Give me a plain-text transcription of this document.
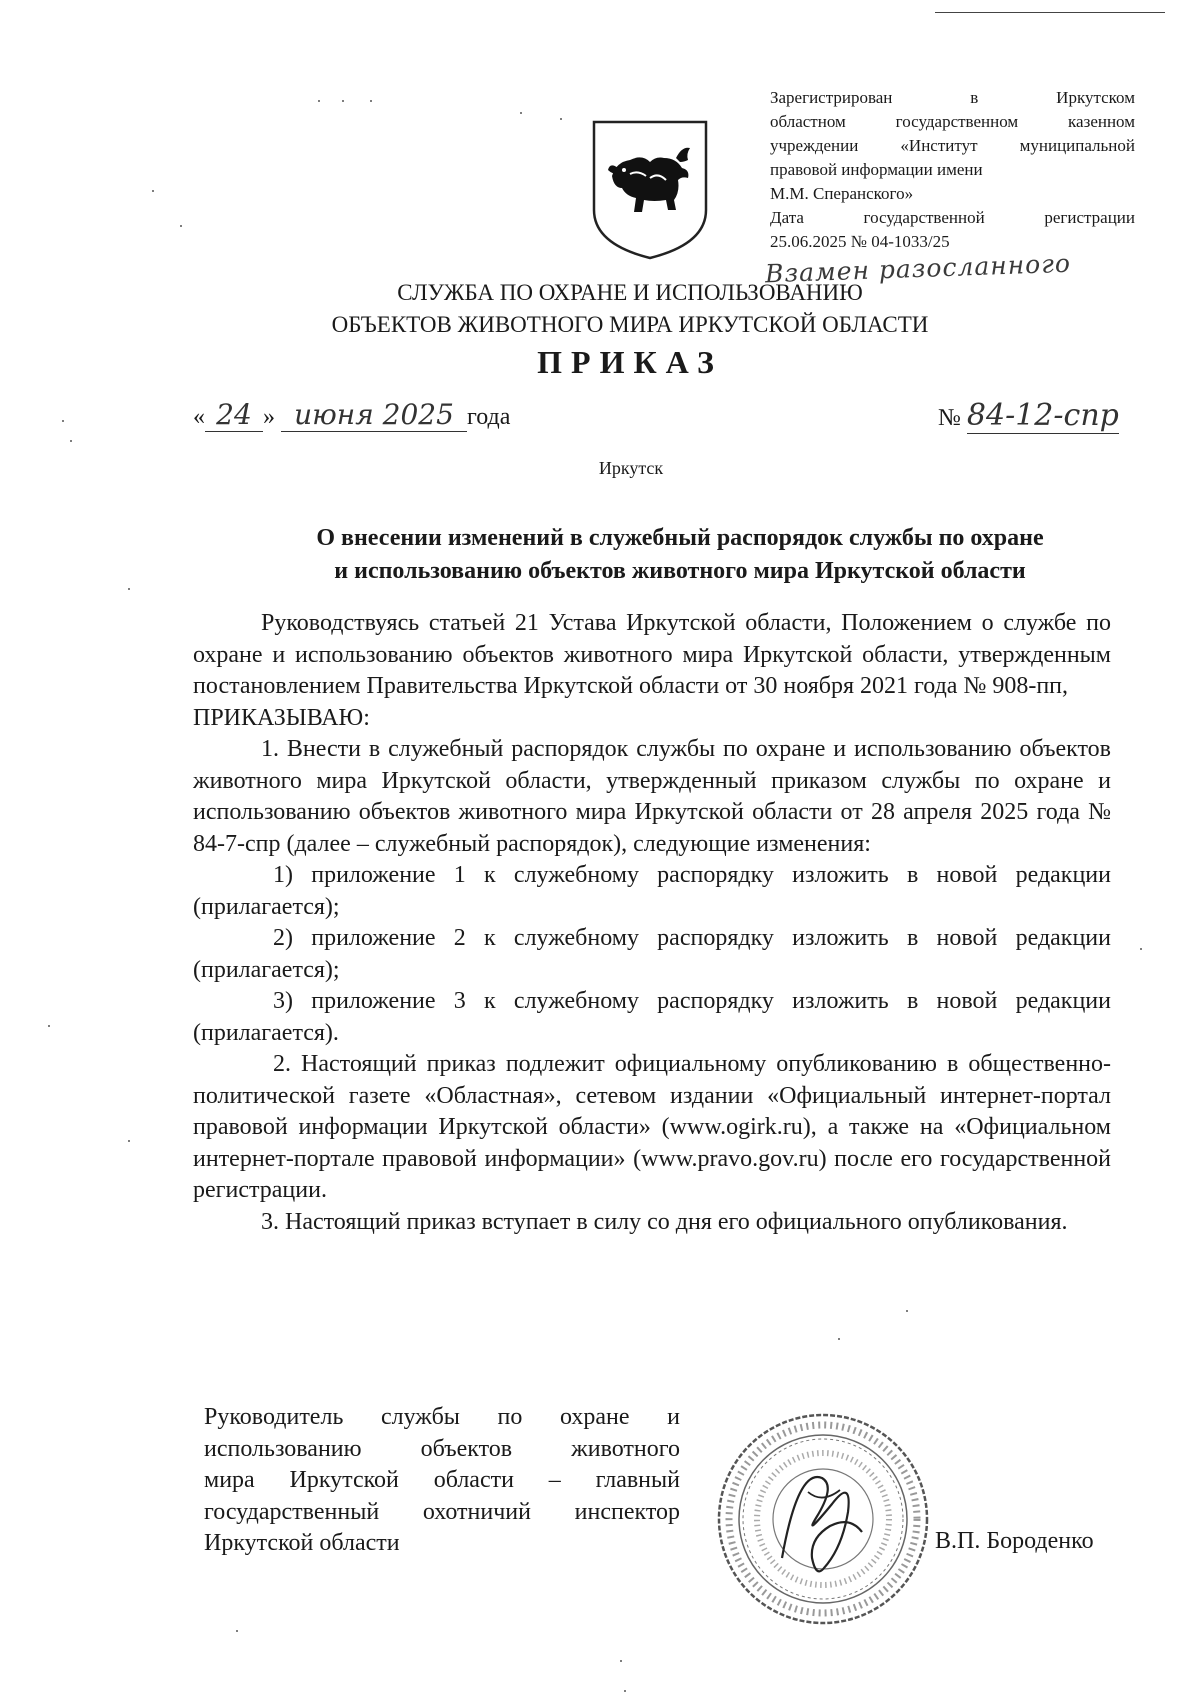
Зарегистрирован в Иркутском
областном государственном казенном
учреждении «Институт муниципальной
правовой информации имени
М.М. Сперанского»
Дата государственной регистрации
25.06.2025 № 04-1033/25
Взамен разосланного
СЛУЖБА ПО ОХРАНЕ И ИСПОЛЬЗОВАНИЮ
ОБЪЕКТОВ ЖИВОТНОГО МИРА ИРКУТСКОЙ ОБЛАСТИ
ПРИКАЗ
« 24 » июня 2025 года	№ 84-12-спр
Иркутск
О внесении изменений в служебный распорядок службы по охране
и использованию объектов животного мира Иркутской области

Руководствуясь статьей 21 Устава Иркутской области, Положением о службе по охране и использованию объектов животного мира Иркутской области, утвержденным постановлением Правительства Иркутской области от 30 ноября 2021 года № 908-пп,

ПРИКАЗЫВАЮ:

1. Внести в служебный распорядок службы по охране и использованию объектов животного мира Иркутской области, утвержденный приказом службы по охране и использованию объектов животного мира Иркутской области от 28 апреля 2025 года № 84-7-спр (далее – служебный распорядок), следующие изменения:

1) приложение 1 к служебному распорядку изложить в новой редакции (прилагается);

2) приложение 2 к служебному распорядку изложить в новой редакции (прилагается);

3) приложение 3 к служебному распорядку изложить в новой редакции (прилагается).

2. Настоящий приказ подлежит официальному опубликованию в общественно-политической газете «Областная», сетевом издании «Официальный интернет-портал правовой информации Иркутской области» (www.ogirk.ru), а также на «Официальном интернет-портале правовой информации» (www.pravo.gov.ru) после его государственной регистрации.

3. Настоящий приказ вступает в силу со дня его официального опубликования.

Руководитель службы по охране и
использованию объектов животного
мира Иркутской области – главный
государственный охотничий инспектор
Иркутской области	В.П. Бороденко
